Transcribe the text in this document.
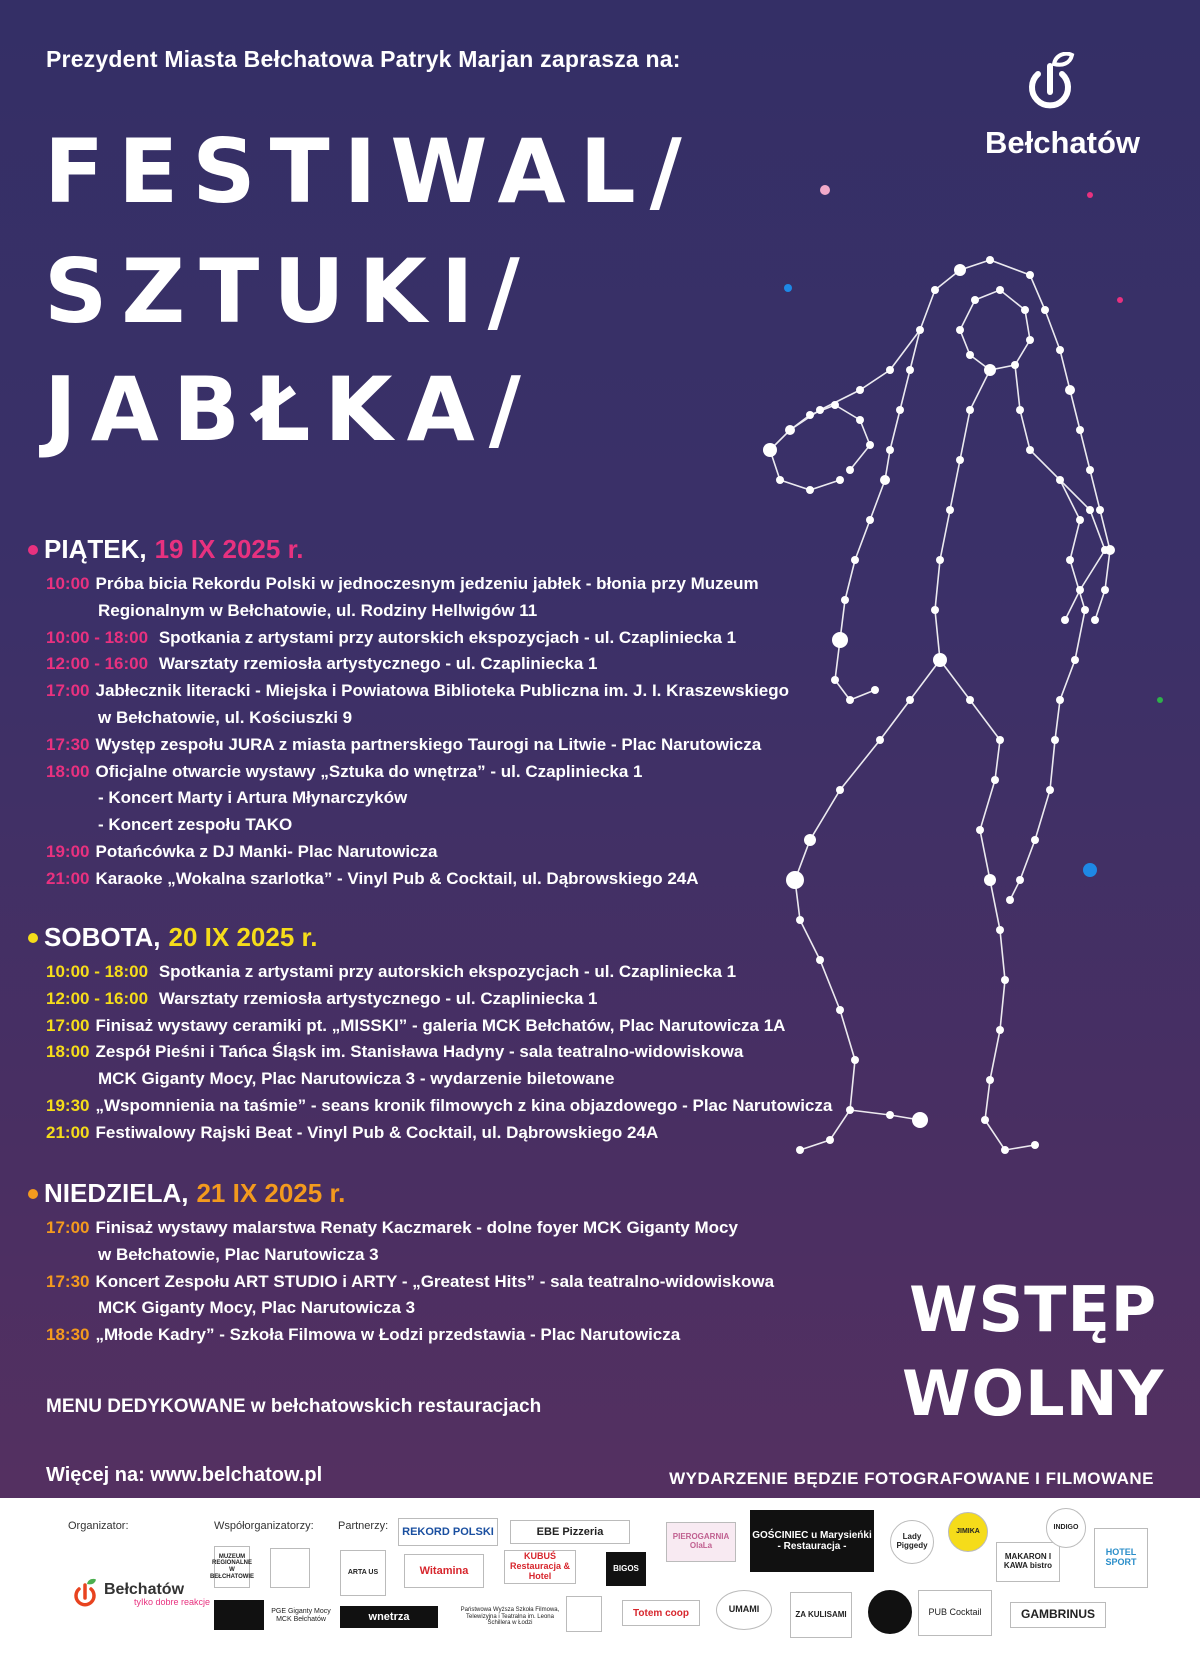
Prezydent Miasta Bełchatowa Patryk Marjan zaprasza na:
FESTIWAL/
SZTUKI/
JABŁKA/
Bełchatów
PIĄTEK, 19 IX 2025 r.
10:00 Próba bicia Rekordu Polski w jednoczesnym jedzeniu jabłek - błonia przy Muzeum
Regionalnym w Bełchatowie, ul. Rodziny Hellwigów 11
10:00 - 18:00 Spotkania z artystami przy autorskich ekspozycjach - ul. Czapliniecka 1
12:00 - 16:00 Warsztaty rzemiosła artystycznego - ul. Czapliniecka 1
17:00 Jabłecznik literacki - Miejska i Powiatowa Biblioteka Publiczna im. J. I. Kraszewskiego
w Bełchatowie, ul. Kościuszki 9
17:30 Występ zespołu JURA z miasta partnerskiego Taurogi na Litwie - Plac Narutowicza
18:00 Oficjalne otwarcie wystawy „Sztuka do wnętrza” - ul. Czapliniecka 1
- Koncert Marty i Artura Młynarczyków
- Koncert zespołu TAKO
19:00 Potańcówka z DJ Manki- Plac Narutowicza
21:00 Karaoke „Wokalna szarlotka” - Vinyl Pub & Cocktail, ul. Dąbrowskiego 24A
SOBOTA, 20 IX 2025 r.
10:00 - 18:00 Spotkania z artystami przy autorskich ekspozycjach - ul. Czapliniecka 1
12:00 - 16:00 Warsztaty rzemiosła artystycznego - ul. Czapliniecka 1
17:00 Finisaż wystawy ceramiki pt. „MISSKI” - galeria MCK Bełchatów, Plac Narutowicza 1A
18:00 Zespół Pieśni i Tańca Śląsk im. Stanisława Hadyny - sala teatralno-widowiskowa
MCK Giganty Mocy, Plac Narutowicza 3 - wydarzenie biletowane
19:30 „Wspomnienia na taśmie” - seans kronik filmowych z kina objazdowego - Plac Narutowicza
21:00 Festiwalowy Rajski Beat - Vinyl Pub & Cocktail, ul. Dąbrowskiego 24A
NIEDZIELA, 21 IX 2025 r.
17:00 Finisaż wystawy malarstwa Renaty Kaczmarek - dolne foyer MCK Giganty Mocy
w Bełchatowie, Plac Narutowicza 3
17:30 Koncert Zespołu ART STUDIO i ARTY - „Greatest Hits” - sala teatralno-widowiskowa
MCK Giganty Mocy, Plac Narutowicza 3
18:30 „Młode Kadry” - Szkoła Filmowa w Łodzi przedstawia - Plac Narutowicza	WSTĘP
WOLNY
MENU DEDYKOWANE w bełchatowskich restauracjach
Więcej na: www.belchatow.pl	WYDARZENIE BĘDZIE FOTOGRAFOWANE I FILMOWANE
Organizator:	Współorganizatorzy: Partnerzy:
Bełchatów
tyIko dobre reakcje
MUZEUM REGIONALNE W BEŁCHATOWIE
PGE Giganty Mocy MCK Bełchatów
REKORD POLSKI	EBE Pizzeria	PIEROGARNIA OlaLa
GOŚCINIEC u Marysieńki - Restauracja -
Lady Piggedy
ARTA US	Witamina
KUBUŚ Restauracja & Hotel
BIGOS
wnetrza
Państwowa Wyższa Szkoła Filmowa, Telewizyjna i Teatralna im. Leona Schillera w Łodzi
Totem coop	UMAMI
ZA KULISAMI	PUB Cocktail	GAMBRINUS
MAKARON I KAWA bistro
HOTEL SPORT
JIMIKA
INDIGO
